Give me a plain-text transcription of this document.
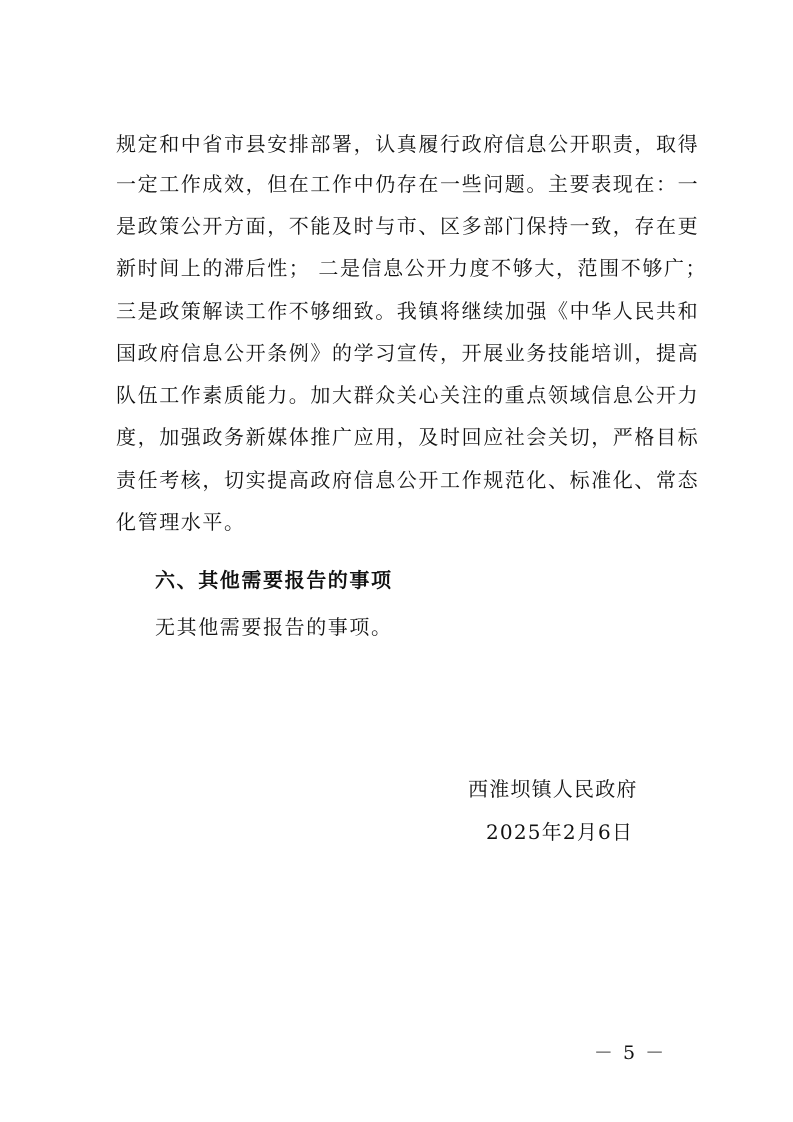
规定和中省市县安排部署，认真履行政府信息公开职责，取得

一定工作成效，但在工作中仍存在一些问题。主要表现在：一

是政策公开方面，不能及时与市、区多部门保持一致，存在更

新时间上的滞后性； 二是信息公开力度不够大，范围不够广；

三是政策解读工作不够细致。我镇将继续加强《中华人民共和

国政府信息公开条例》的学习宣传，开展业务技能培训，提高

队伍工作素质能力。加大群众关心关注的重点领域信息公开力

度，加强政务新媒体推广应用，及时回应社会关切，严格目标

责任考核，切实提高政府信息公开工作规范化、标准化、常态

化管理水平。

六、其他需要报告的事项

无其他需要报告的事项。

西淮坝镇人民政府

2025年2月6日

－ 5 －
